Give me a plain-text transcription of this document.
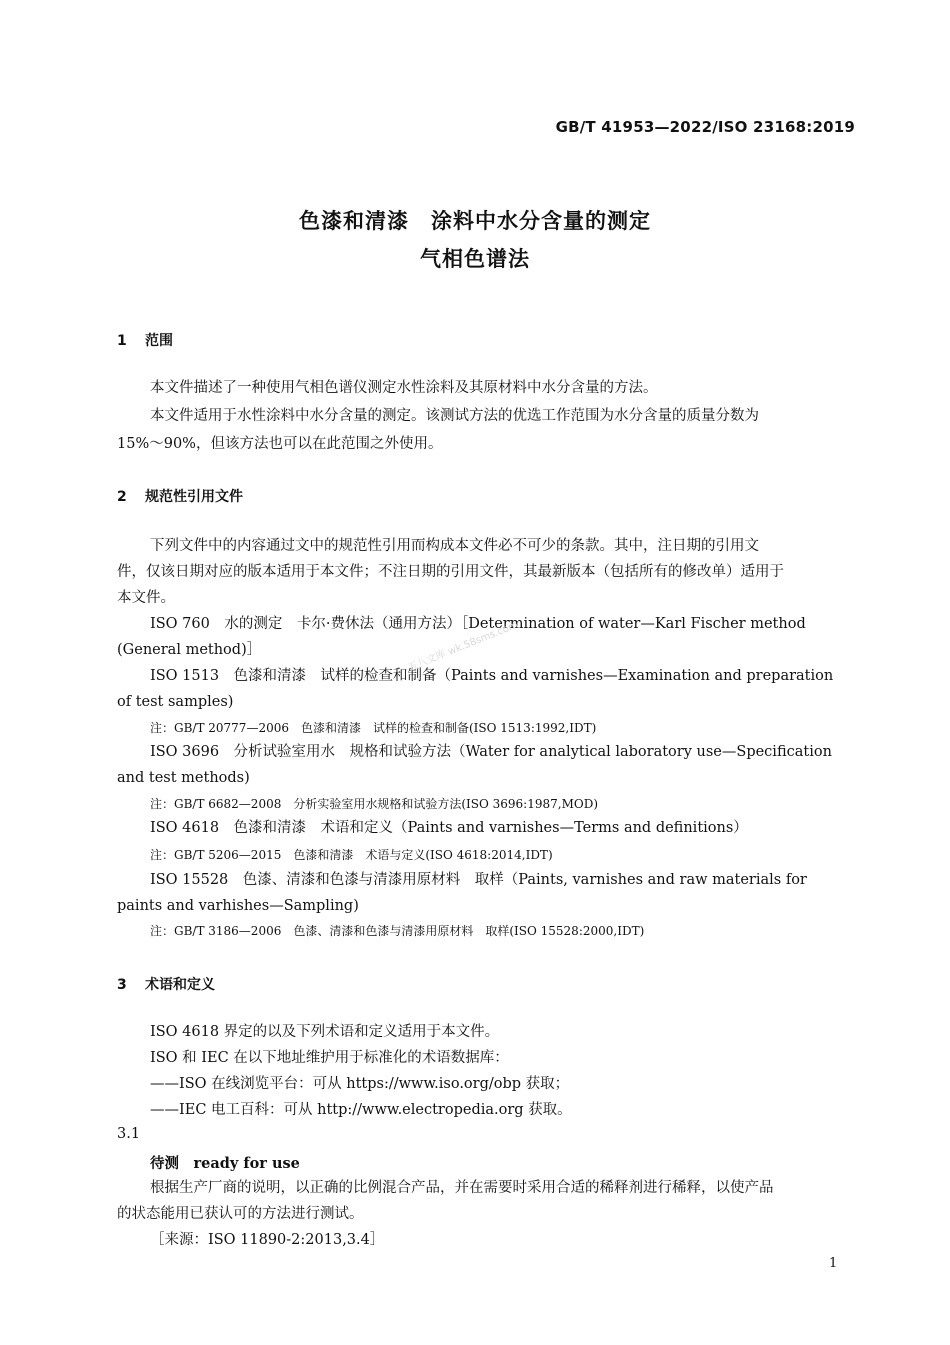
GB/T 41953—2022/ISO 23168:2019
色漆和清漆　涂料中水分含量的测定
气相色谱法
1 范围
本文件描述了一种使用气相色谱仪测定水性涂料及其原材料中水分含量的方法。
本文件适用于水性涂料中水分含量的测定。该测试方法的优选工作范围为水分含量的质量分数为
15%～90%，但该方法也可以在此范围之外使用。
2 规范性引用文件
下列文件中的内容通过文中的规范性引用而构成本文件必不可少的条款。其中，注日期的引用文
件，仅该日期对应的版本适用于本文件；不注日期的引用文件，其最新版本（包括所有的修改单）适用于
本文件。
ISO 760　水的测定　卡尔·费休法（通用方法）［Determination of water—Karl Fischer method
(General method)］
ISO 1513　色漆和清漆　试样的检查和制备（Paints and varnishes—Examination and preparation
of test samples)
注：GB/T 20777—2006　色漆和清漆　试样的检查和制备(ISO 1513:1992,IDT)
ISO 3696　分析试验室用水　规格和试验方法（Water for analytical laboratory use—Specification
and test methods)
注：GB/T 6682—2008　分析实验室用水规格和试验方法(ISO 3696:1987,MOD)
ISO 4618　色漆和清漆　术语和定义（Paints and varnishes—Terms and definitions）
注：GB/T 5206—2015　色漆和清漆　术语与定义(ISO 4618:2014,IDT)
ISO 15528　色漆、清漆和色漆与清漆用原材料　取样（Paints, varnishes and raw materials for
paints and varhishes—Sampling)
注：GB/T 3186—2006　色漆、清漆和色漆与清漆用原材料　取样(ISO 15528:2000,IDT)
五八文库 wk.58sms.com
3 术语和定义
ISO 4618 界定的以及下列术语和定义适用于本文件。
ISO 和 IEC 在以下地址维护用于标准化的术语数据库：
——ISO 在线浏览平台：可从 https://www.iso.org/obp 获取；
——IEC 电工百科：可从 http://www.electropedia.org 获取。
3.1
待测　ready for use
根据生产厂商的说明，以正确的比例混合产品，并在需要时采用合适的稀释剂进行稀释，以使产品
的状态能用已获认可的方法进行测试。
［来源：ISO 11890-2:2013,3.4］
1
